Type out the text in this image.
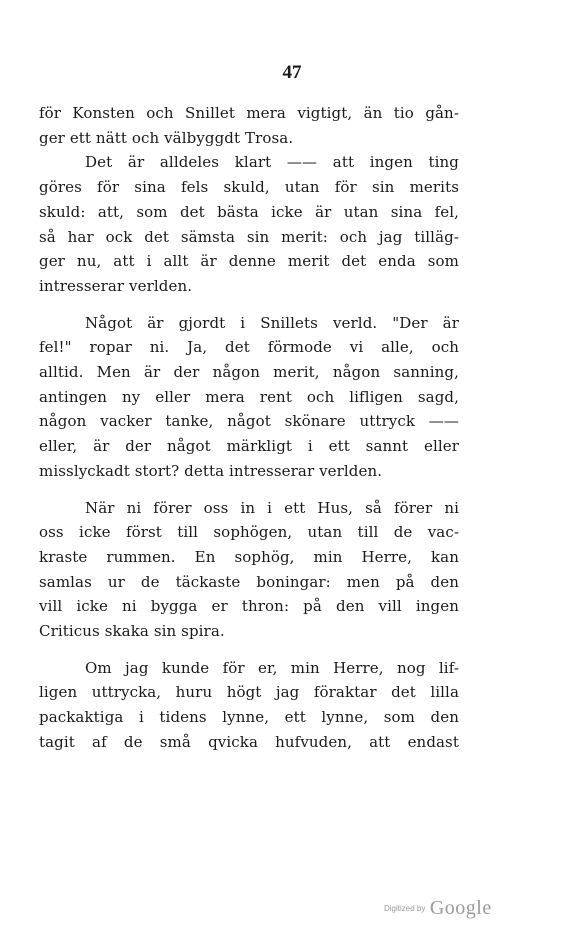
47
för Konsten och Snillet mera vigtigt, än tio gån-
ger ett nätt och välbyggdt Trosa.
Det är alldeles klart —— att ingen ting
göres för sina fels skuld, utan för sin merits
skuld: att, som det bästa icke är utan sina fel,
så har ock det sämsta sin merit: och jag tilläg-
ger nu, att i allt är denne merit det enda som
intresserar verlden.
Något är gjordt i Snillets verld. "Der är
fel!" ropar ni. Ja, det förmode vi alle, och
alltid. Men är der någon merit, någon sanning,
antingen ny eller mera rent och lifligen sagd,
någon vacker tanke, något skönare uttryck ——
eller, är der något märkligt i ett sannt eller
misslyckadt stort? detta intresserar verlden.
När ni förer oss in i ett Hus, så förer ni
oss icke först till sophögen, utan till de vac-
kraste rummen. En sophög, min Herre, kan
samlas ur de täckaste boningar: men på den
vill icke ni bygga er thron: på den vill ingen
Criticus skaka sin spira.
Om jag kunde för er, min Herre, nog lif-
ligen uttrycka, huru högt jag föraktar det lilla
packaktiga i tidens lynne, ett lynne, som den
tagit af de små qvicka hufvuden, att endast
Digitized by Google
